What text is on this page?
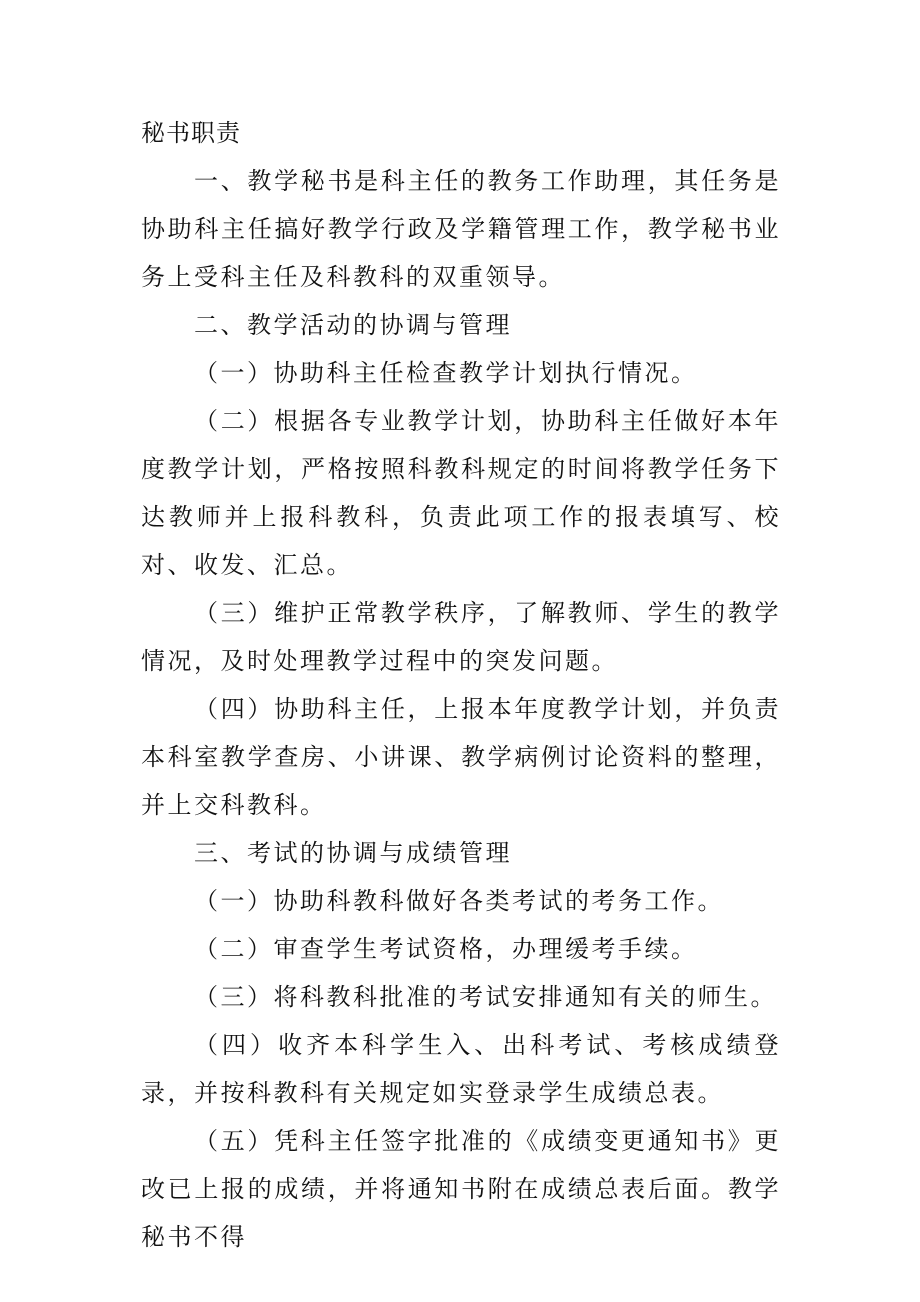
秘书职责

一、教学秘书是科主任的教务工作助理，其任务是协助科主任搞好教学行政及学籍管理工作，教学秘书业务上受科主任及科教科的双重领导。

二、教学活动的协调与管理

（一）协助科主任检查教学计划执行情况。

（二）根据各专业教学计划，协助科主任做好本年度教学计划，严格按照科教科规定的时间将教学任务下达教师并上报科教科，负责此项工作的报表填写、校对、收发、汇总。

（三）维护正常教学秩序，了解教师、学生的教学情况，及时处理教学过程中的突发问题。

（四）协助科主任，上报本年度教学计划，并负责本科室教学查房、小讲课、教学病例讨论资料的整理，并上交科教科。

三、考试的协调与成绩管理

（一）协助科教科做好各类考试的考务工作。

（二）审查学生考试资格，办理缓考手续。

（三）将科教科批准的考试安排通知有关的师生。

（四）收齐本科学生入、出科考试、考核成绩登录，并按科教科有关规定如实登录学生成绩总表。

（五）凭科主任签字批准的《成绩变更通知书》更改已上报的成绩，并将通知书附在成绩总表后面。教学秘书不得
